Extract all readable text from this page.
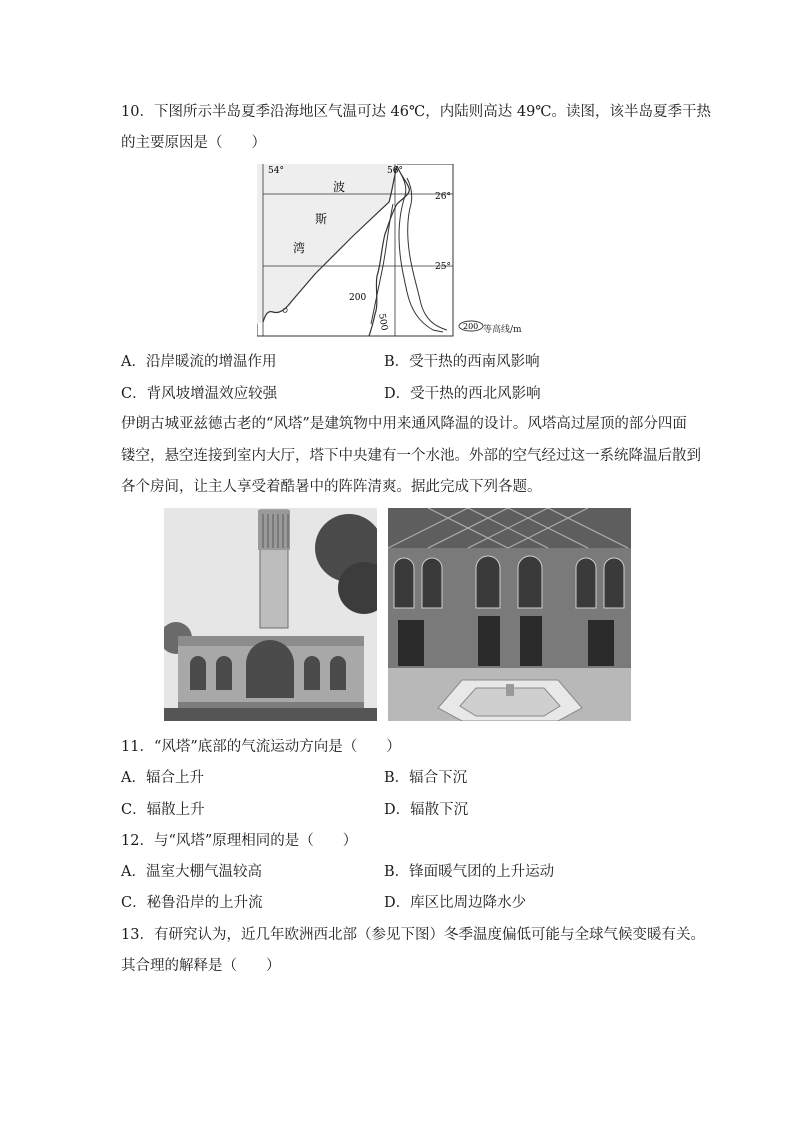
10．下图所示半岛夏季沿海地区气温可达 46℃，内陆则高达 49℃。读图，该半岛夏季干热
的主要原因是（　　）
54°	56°
26°
25°
波
斯
湾
200
500	200 等高线/m
A．沿岸暖流的增温作用	B．受干热的西南风影响
C．背风坡增温效应较强	D．受干热的西北风影响
伊朗古城亚兹德古老的“风塔”是建筑物中用来通风降温的设计。风塔高过屋顶的部分四面
镂空，悬空连接到室内大厅，塔下中央建有一个水池。外部的空气经过这一系统降温后散到
各个房间，让主人享受着酷暑中的阵阵清爽。据此完成下列各题。
11．“风塔”底部的气流运动方向是（　　）
A．辐合上升	B．辐合下沉
C．辐散上升	D．辐散下沉
12．与“风塔”原理相同的是（　　）
A．温室大棚气温较高	B．锋面暖气团的上升运动
C．秘鲁沿岸的上升流	D．库区比周边降水少
13．有研究认为，近几年欧洲西北部（参见下图）冬季温度偏低可能与全球气候变暖有关。
其合理的解释是（　　）
